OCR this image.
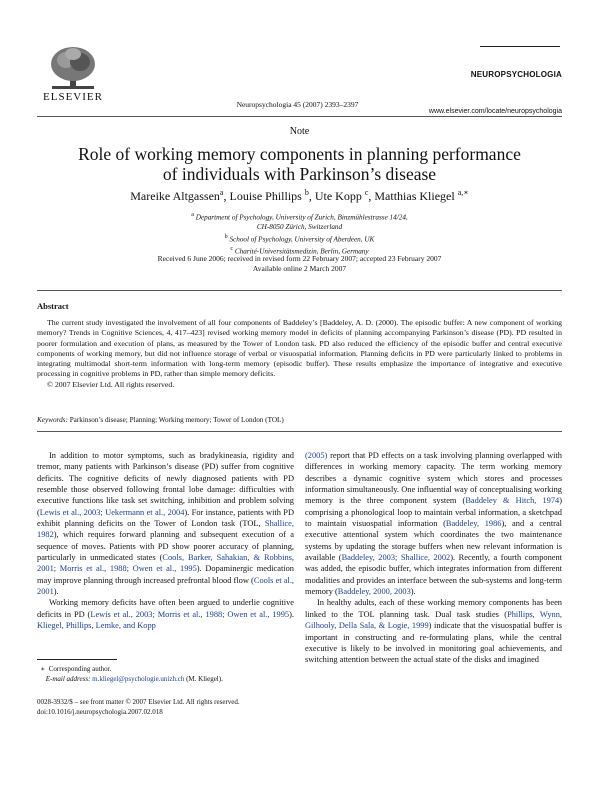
ELSEVIER
Neuropsychologia 45 (2007) 2393–2397
NEUROPSYCHOLOGIA
www.elsevier.com/locate/neuropsychologia
Note
Role of working memory components in planning performance
of individuals with Parkinson’s disease
Mareike Altgassen$^a$, Louise Phillips $^b$, Ute Kopp $^c$, Matthias Kliegel $^{a,∗}$
$^a$ Department of Psychology, University of Zurich, Binzmühlestrasse 14/24,
CH-8050 Zürich, Switzerland
$^b$ School of Psychology, University of Aberdeen, UK
$^c$ Charité-Universitätsmedizin, Berlin, Germany
Received 6 June 2006; received in revised form 22 February 2007; accepted 23 February 2007
Available online 2 March 2007
Abstract

The current study investigated the involvement of all four components of Baddeley’s [Baddeley, A. D. (2000). The episodic buffer: A new component of working memory? Trends in Cognitive Sciences, 4, 417–423] revised working memory model in deficits of planning accompanying Parkinson’s disease (PD). PD resulted in poorer formulation and execution of plans, as measured by the Tower of London task. PD also reduced the efficiency of the episodic buffer and central executive components of working memory, but did not influence storage of verbal or visuospatial information. Planning deficits in PD were particularly linked to problems in integrating multimodal short-term information with long-term memory (episodic buffer). These results emphasize the importance of integrative and executive processing in cognitive problems in PD, rather than simple memory deficits.

© 2007 Elsevier Ltd. All rights reserved.

Keywords: Parkinson’s disease; Planning; Working memory; Tower of London (TOL)

In addition to motor symptoms, such as bradykineasia, rigidity and tremor, many patients with Parkinson’s disease (PD) suffer from cognitive deficits. The cognitive deficits of newly diagnosed patients with PD resemble those observed following frontal lobe damage: difficulties with executive functions like task set switching, inhibition and problem solving (Lewis et al., 2003; Uekermann et al., 2004). For instance, patients with PD exhibit planning deficits on the Tower of London task (TOL, Shallice, 1982), which requires forward planning and subsequent execution of a sequence of moves. Patients with PD show poorer accuracy of planning, particularly in unmedicated states (Cools, Barker, Sahakian, & Robbins, 2001; Morris et al., 1988; Owen et al., 1995). Dopaminergic medication may improve planning through increased prefrontal blood flow (Cools et al., 2001).

Working memory deficits have often been argued to underlie cognitive deficits in PD (Lewis et al., 2003; Morris et al., 1988; Owen et al., 1995). Kliegel, Phillips, Lemke, and Kopp

(2005) report that PD effects on a task involving planning overlapped with differences in working memory capacity. The term working memory describes a dynamic cognitive system which stores and processes information simultaneously. One influential way of conceptualising working memory is the three component system (Baddeley & Hitch, 1974) comprising a phonological loop to maintain verbal information, a sketchpad to maintain visuospatial information (Baddeley, 1986), and a central executive attentional system which coordinates the two maintenance systems by updating the storage buffers when new relevant information is available (Baddeley, 2003; Shallice, 2002). Recently, a fourth component was added, the episodic buffer, which integrates information from different modalities and provides an interface between the sub-systems and long-term memory (Baddeley, 2000, 2003).

In healthy adults, each of these working memory components has been linked to the TOL planning task. Dual task studies (Phillips, Wynn, Gilhooly, Della Sala, & Logie, 1999) indicate that the visuospatial buffer is important in constructing and re-formulating plans, while the central executive is likely to be involved in monitoring goal achievements, and switching attention between the actual state of the disks and imagined

∗ Corresponding author.
E-mail address: m.kliegel@psychologie.unizh.ch (M. Kliegel).
0028-3932/$ – see front matter © 2007 Elsevier Ltd. All rights reserved.
doi:10.1016/j.neuropsychologia.2007.02.018
